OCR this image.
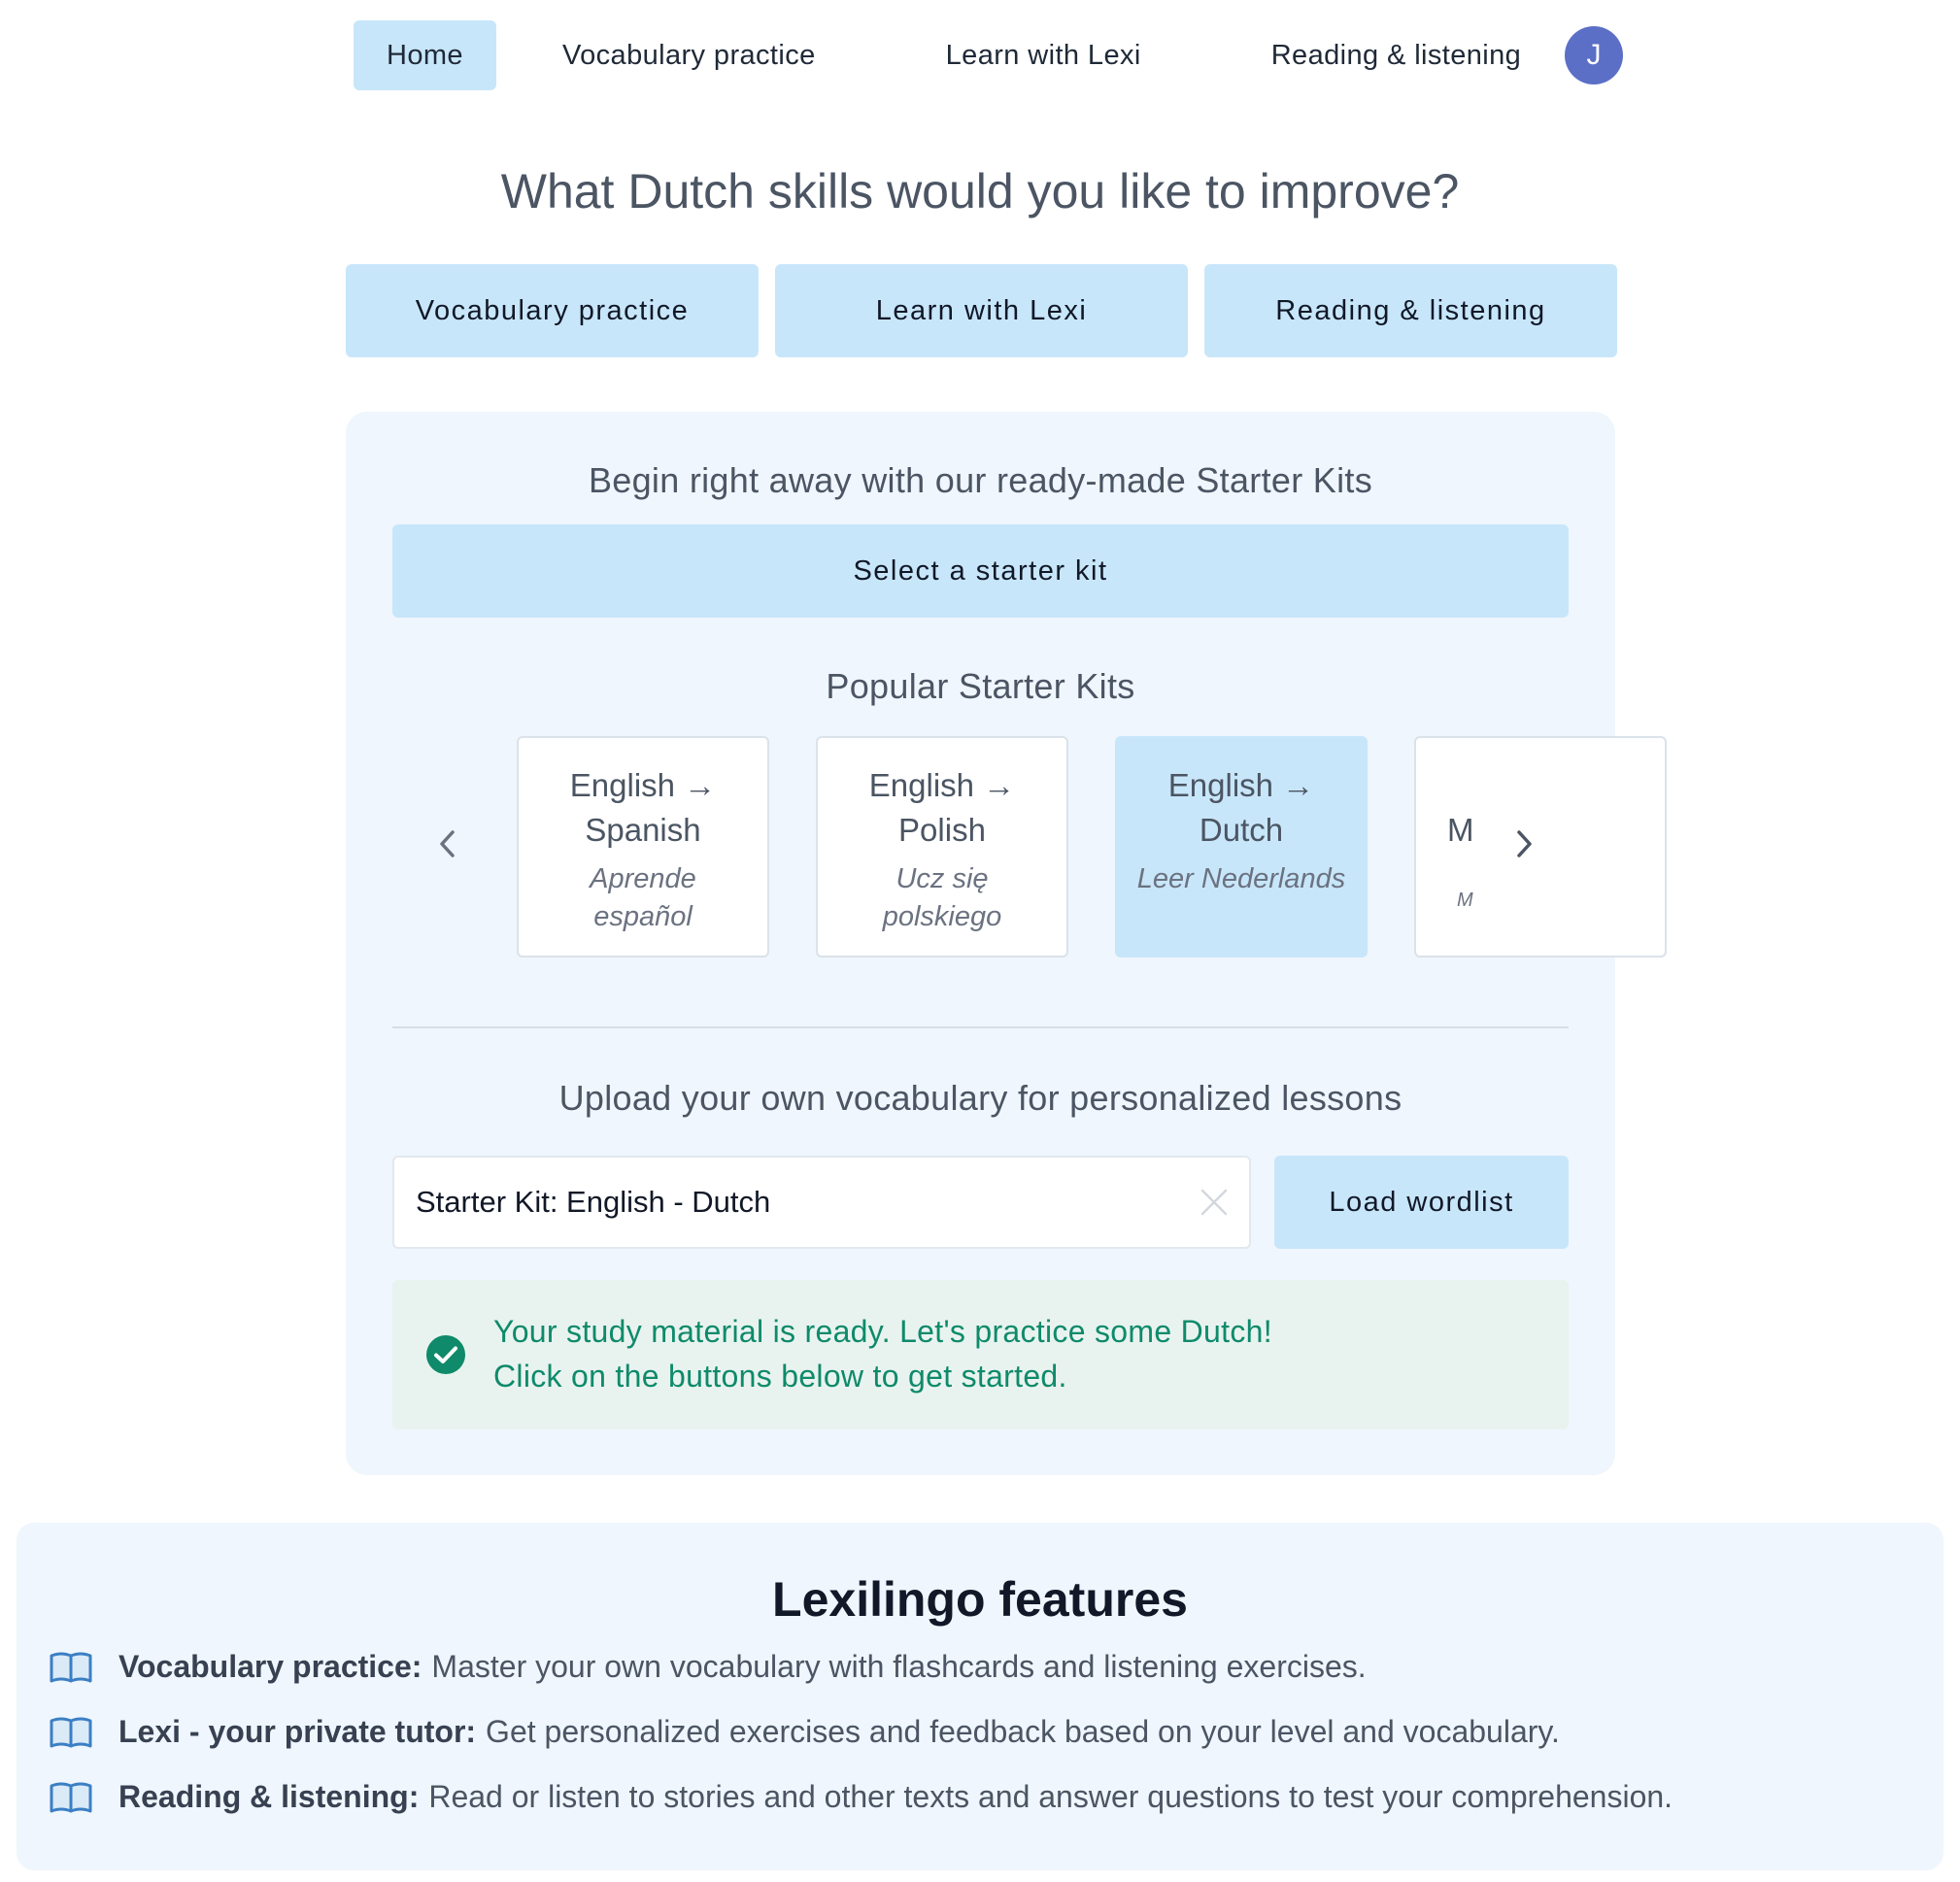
Home	Vocabulary practice	Learn with Lexi	Reading & listening	J
What Dutch skills would you like to improve?
Vocabulary practice	Learn with Lexi	Reading & listening
Begin right away with our ready-made Starter Kits
Select a starter kit
Popular Starter Kits
English → Spanish
Aprende español
English → Polish
Ucz się polskiego
English → Dutch
Leer Nederlands
M
M
Upload your own vocabulary for personalized lessons
Starter Kit: English - Dutch
Load wordlist
Your study material is ready. Let's practice some Dutch!
Click on the buttons below to get started.
Lexilingo features
Vocabulary practice: Master your own vocabulary with flashcards and listening exercises.
Lexi - your private tutor: Get personalized exercises and feedback based on your level and vocabulary.
Reading & listening: Read or listen to stories and other texts and answer questions to test your comprehension.
